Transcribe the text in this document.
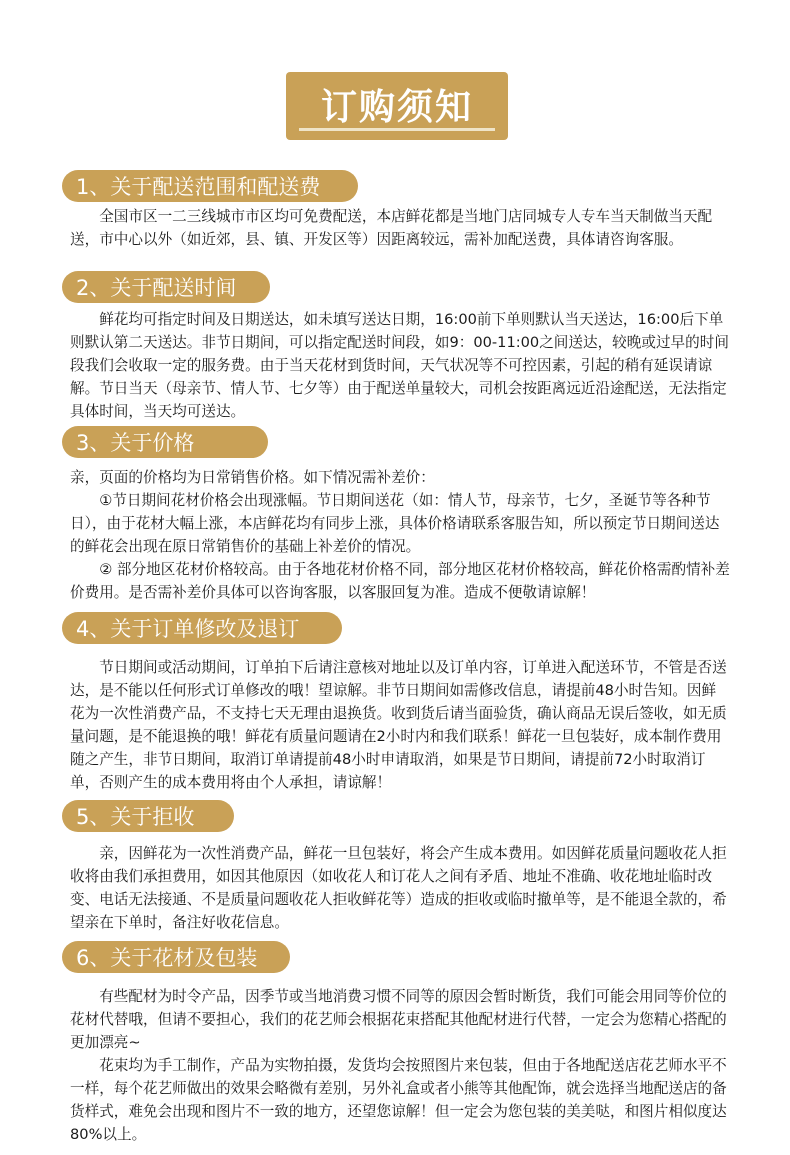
订购须知
1、关于配送范围和配送费

　　全国市区一二三线城市市区均可免费配送，本店鲜花都是当地门店同城专人专车当天制做当天配送，市中心以外（如近郊，县、镇、开发区等）因距离较远，需补加配送费，具体请咨询客服。

2、关于配送时间

　　鲜花均可指定时间及日期送达，如未填写送达日期，16:00前下单则默认当天送达，16:00后下单则默认第二天送达。非节日期间，可以指定配送时间段，如9：00-11:00之间送达，较晚或过早的时间段我们会收取一定的服务费。由于当天花材到货时间，天气状况等不可控因素，引起的稍有延误请谅解。节日当天（母亲节、情人节、七夕等）由于配送单量较大，司机会按距离远近沿途配送，无法指定具体时间，当天均可送达。

3、关于价格

亲，页面的价格均为日常销售价格。如下情况需补差价：

　　①节日期间花材价格会出现涨幅。节日期间送花（如：情人节，母亲节，七夕，圣诞节等各种节日），由于花材大幅上涨，本店鲜花均有同步上涨，具体价格请联系客服告知，所以预定节日期间送达的鲜花会出现在原日常销售价的基础上补差价的情况。

　　② 部分地区花材价格较高。由于各地花材价格不同，部分地区花材价格较高，鲜花价格需酌情补差价费用。是否需补差价具体可以咨询客服，以客服回复为准。造成不便敬请谅解！

4、关于订单修改及退订

　　节日期间或活动期间，订单拍下后请注意核对地址以及订单内容，订单进入配送环节，不管是否送达，是不能以任何形式订单修改的哦！望谅解。非节日期间如需修改信息，请提前48小时告知。因鲜花为一次性消费产品，不支持七天无理由退换货。收到货后请当面验货，确认商品无误后签收，如无质量问题，是不能退换的哦！鲜花有质量问题请在2小时内和我们联系！鲜花一旦包装好，成本制作费用随之产生，非节日期间，取消订单请提前48小时申请取消，如果是节日期间，请提前72小时取消订单，否则产生的成本费用将由个人承担，请谅解！

5、关于拒收

　　亲，因鲜花为一次性消费产品，鲜花一旦包装好，将会产生成本费用。如因鲜花质量问题收花人拒收将由我们承担费用，如因其他原因（如收花人和订花人之间有矛盾、地址不准确、收花地址临时改变、电话无法接通、不是质量问题收花人拒收鲜花等）造成的拒收或临时撤单等，是不能退全款的，希望亲在下单时，备注好收花信息。

6、关于花材及包装

　　有些配材为时令产品，因季节或当地消费习惯不同等的原因会暂时断货，我们可能会用同等价位的花材代替哦，但请不要担心，我们的花艺师会根据花束搭配其他配材进行代替，一定会为您精心搭配的更加漂亮~

　　花束均为手工制作，产品为实物拍摄，发货均会按照图片来包装，但由于各地配送店花艺师水平不一样，每个花艺师做出的效果会略微有差别，另外礼盒或者小熊等其他配饰，就会选择当地配送店的备货样式，难免会出现和图片不一致的地方，还望您谅解！但一定会为您包装的美美哒，和图片相似度达80%以上。
